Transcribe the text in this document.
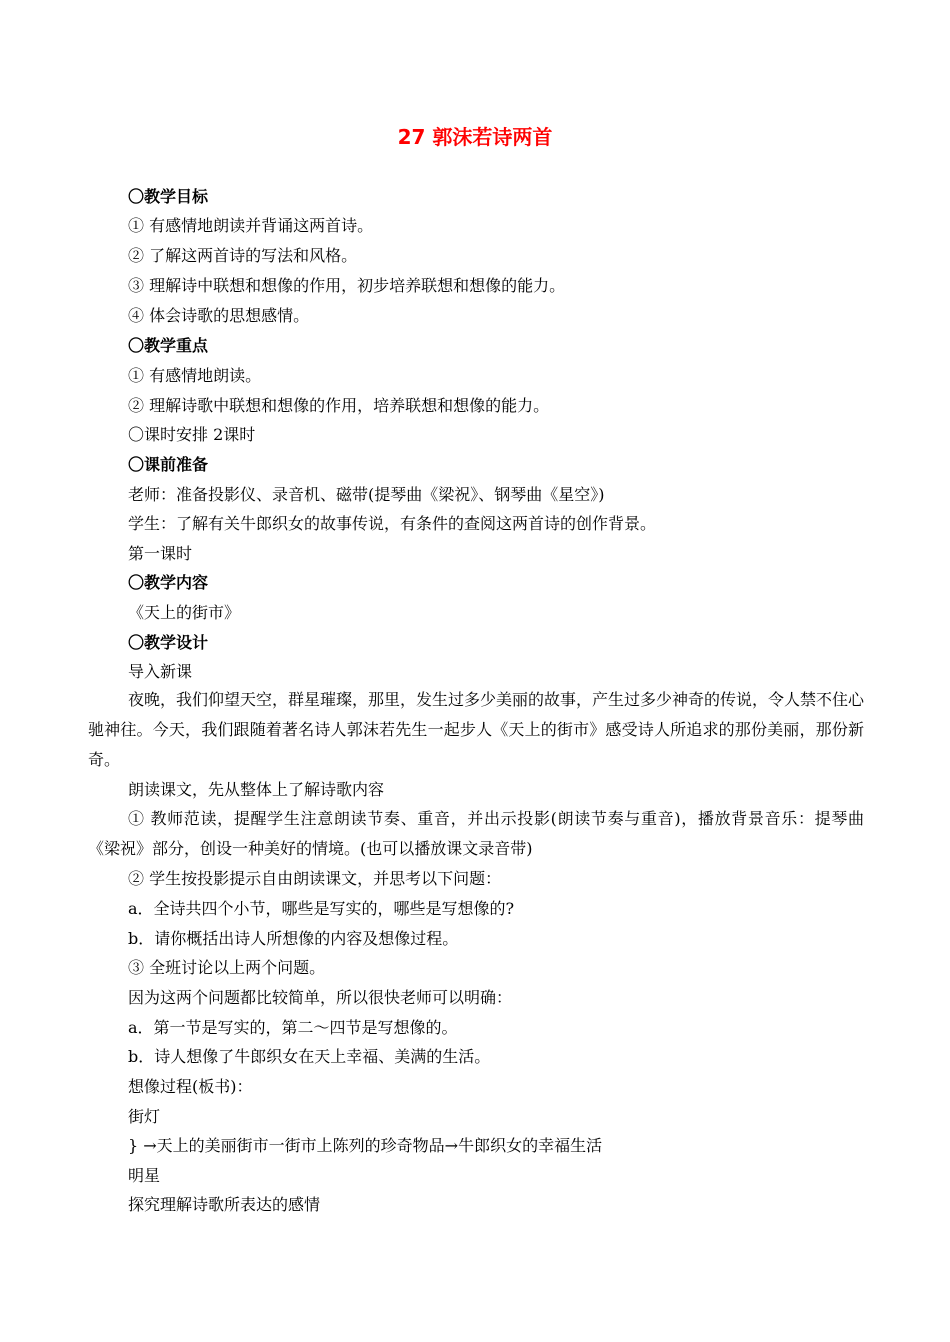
27 郭沫若诗两首
〇教学目标
① 有感情地朗读并背诵这两首诗。
② 了解这两首诗的写法和风格。
③ 理解诗中联想和想像的作用，初步培养联想和想像的能力。
④ 体会诗歌的思想感情。
〇教学重点
① 有感情地朗读。
② 理解诗歌中联想和想像的作用，培养联想和想像的能力。
〇课时安排 2课时
〇课前准备
老师：准备投影仪、录音机、磁带(提琴曲《梁祝》、钢琴曲《星空》)
学生：了解有关牛郎织女的故事传说，有条件的查阅这两首诗的创作背景。
第一课时
〇教学内容
《天上的街市》
〇教学设计
导入新课
夜晚，我们仰望天空，群星璀璨，那里，发生过多少美丽的故事，产生过多少神奇的传说，令人禁不住心驰神往。今天，我们跟随着著名诗人郭沫若先生一起步人《天上的街市》感受诗人所追求的那份美丽，那份新奇。
朗读课文，先从整体上了解诗歌内容
① 教师范读，提醒学生注意朗读节奏、重音，并出示投影(朗读节奏与重音)，播放背景音乐：提琴曲《梁祝》部分，创设一种美好的情境。(也可以播放课文录音带)
② 学生按投影提示自由朗读课文，并思考以下问题：
a．全诗共四个小节，哪些是写实的，哪些是写想像的?
b．请你概括出诗人所想像的内容及想像过程。
③ 全班讨论以上两个问题。
因为这两个问题都比较简单，所以很快老师可以明确：
a．第一节是写实的，第二～四节是写想像的。
b．诗人想像了牛郎织女在天上幸福、美满的生活。
想像过程(板书)：
街灯
} →天上的美丽街市一街市上陈列的珍奇物品→牛郎织女的幸福生活
明星
探究理解诗歌所表达的感情
